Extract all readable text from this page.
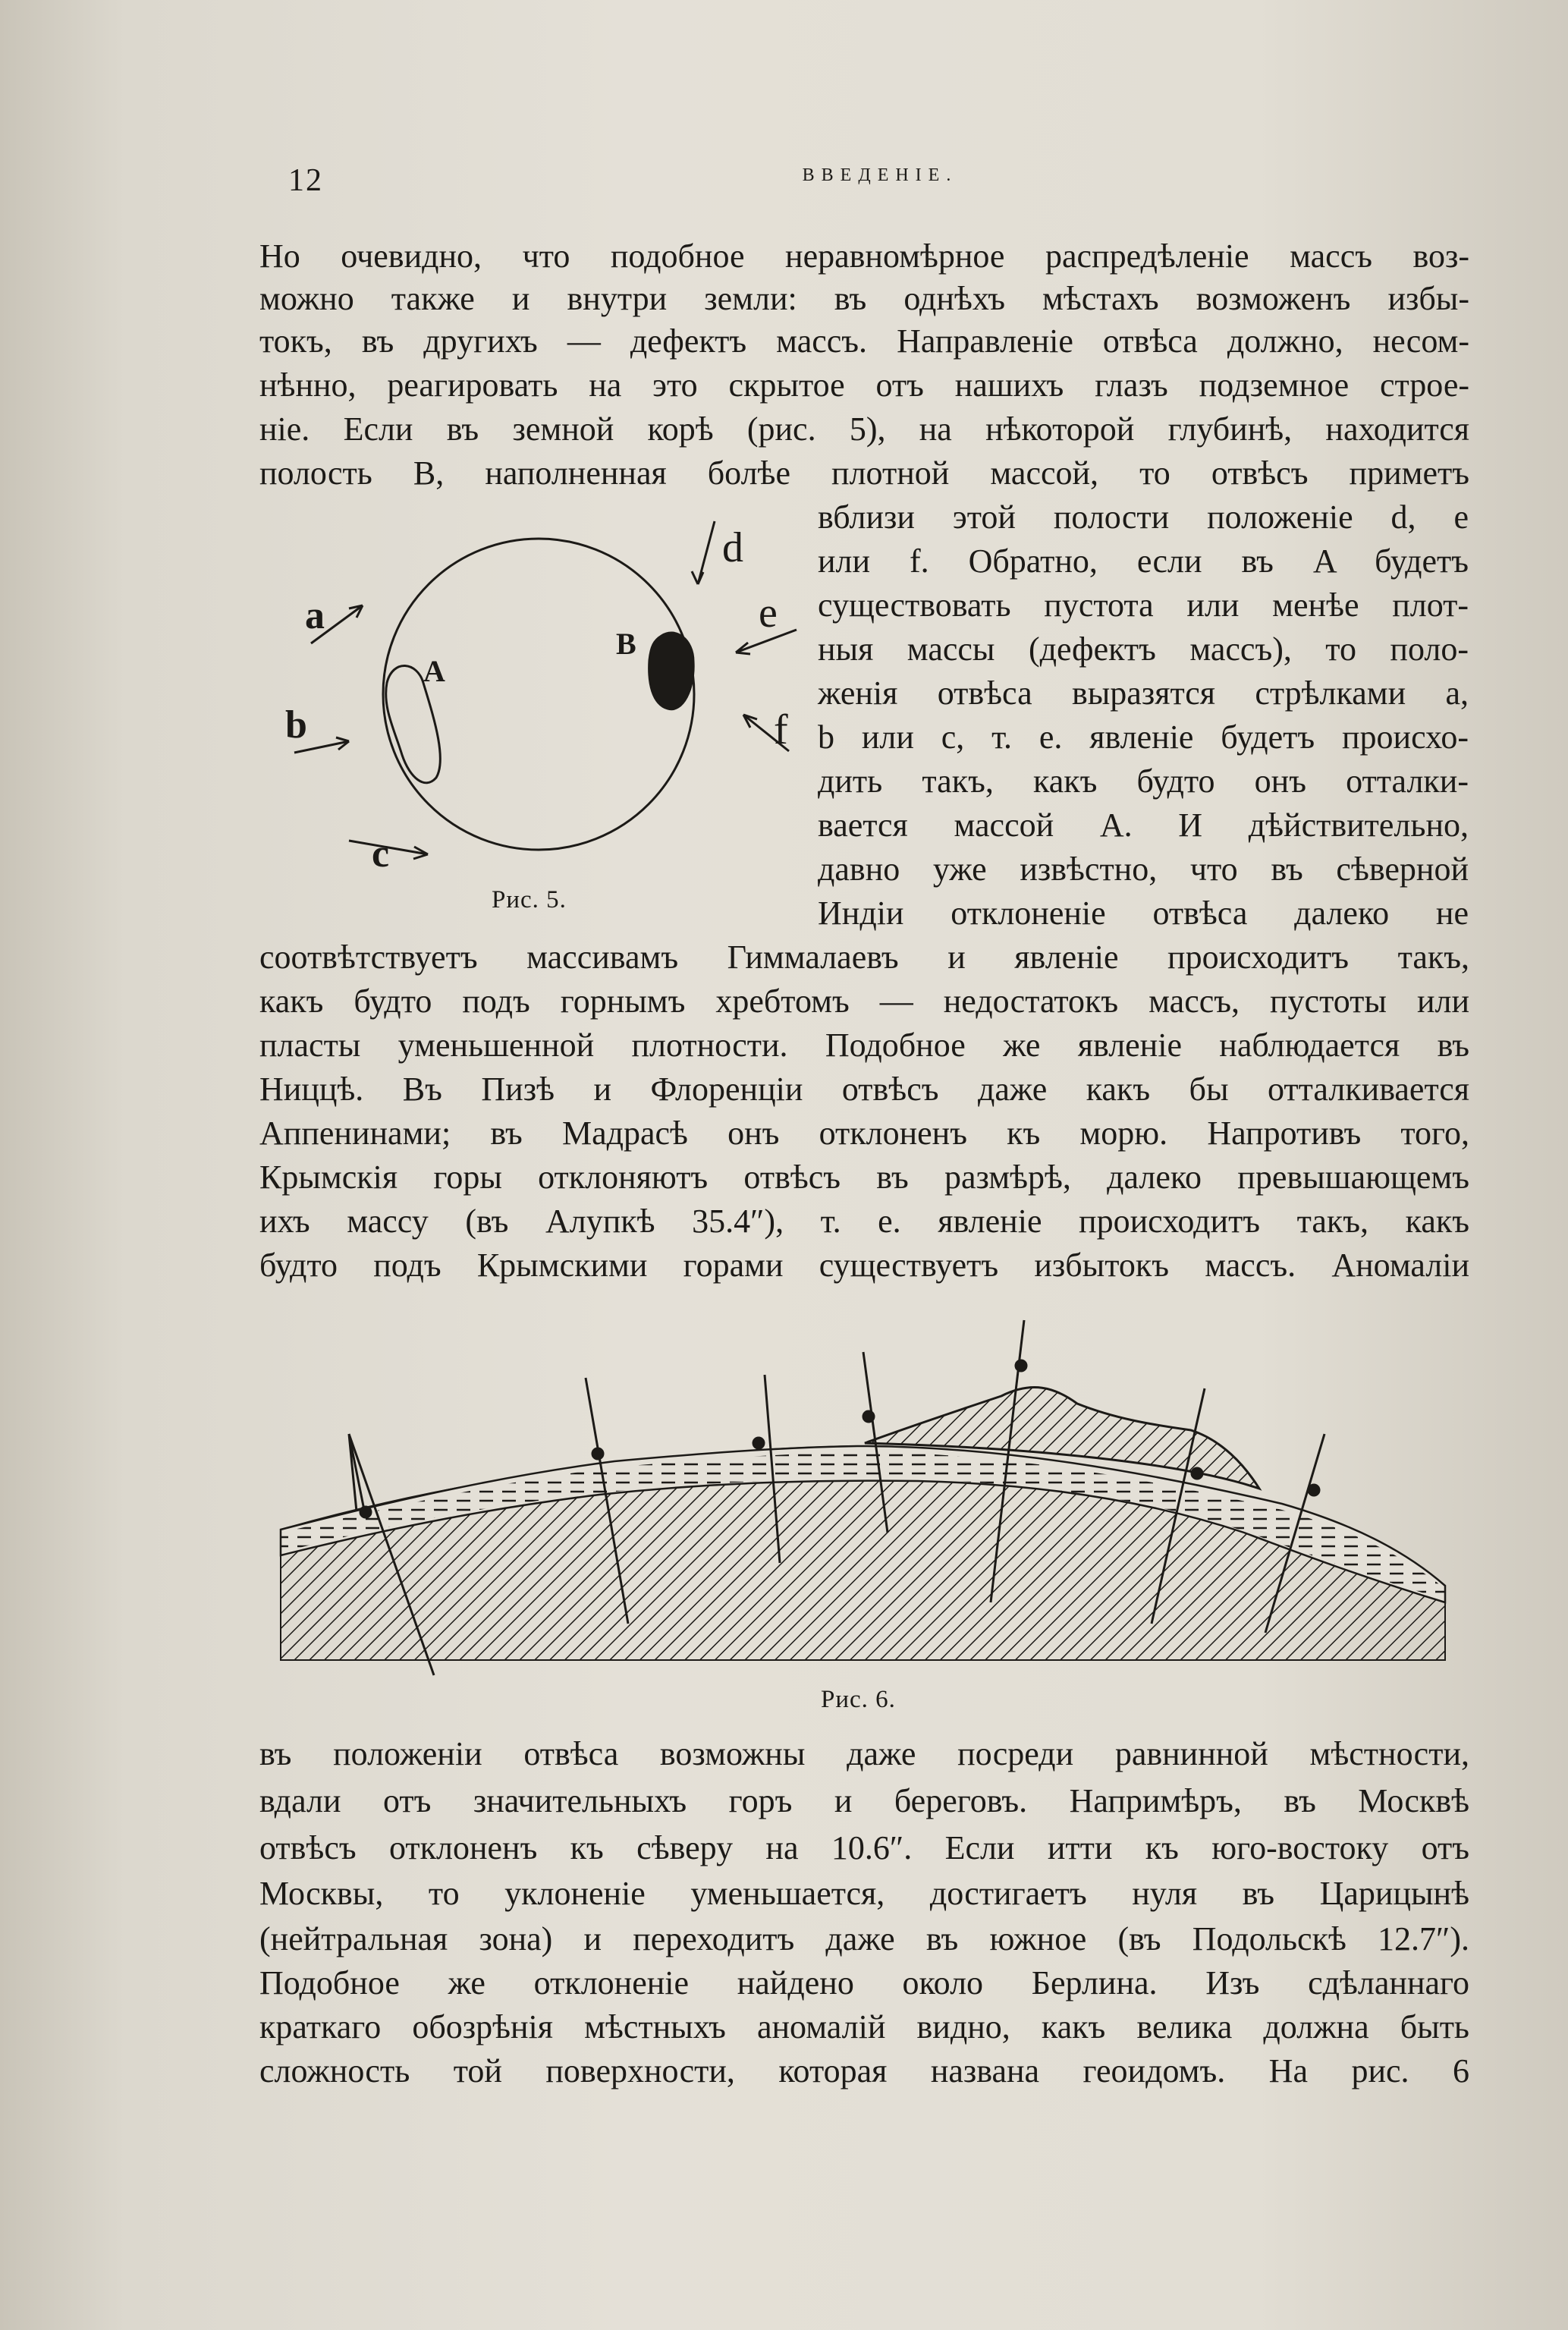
12	ВВЕДЕНІЕ.
Но очевидно, что подобное неравномѣрное распредѣленіе массъ воз-
можно также и внутри земли: въ однѣхъ мѣстахъ возможенъ избы-
токъ, въ другихъ — дефектъ массъ. Направленіе отвѣса должно, несом-
нѣнно, реагировать на это скрытое отъ нашихъ глазъ подземное строе-
ніе. Если въ земной корѣ (рис. 5), на нѣкоторой глубинѣ, находится
полость B, наполненная болѣе плотной массой, то отвѣсъ приметъ
a
b
c
d
e
f
A
B
Рис. 5.
вблизи этой полости положеніе d, e
или f. Обратно, если въ A будетъ
существовать пустота или менѣе плот-
ныя массы (дефектъ массъ), то поло-
женія отвѣса выразятся стрѣлками a,
b или c, т. е. явленіе будетъ происхо-
дить такъ, какъ будто онъ отталки-
вается массой A. И дѣйствительно,
давно уже извѣстно, что въ сѣверной
Индіи отклоненіе отвѣса далеко не
соотвѣтствуетъ массивамъ Гиммалаевъ и явленіе происходитъ такъ,
какъ будто подъ горнымъ хребтомъ — недостатокъ массъ, пустоты или
пласты уменьшенной плотности. Подобное же явленіе наблюдается въ
Ниццѣ. Въ Пизѣ и Флоренціи отвѣсъ даже какъ бы отталкивается
Аппенинами; въ Мадрасѣ онъ отклоненъ къ морю. Напротивъ того,
Крымскія горы отклоняютъ отвѣсъ въ размѣрѣ, далеко превышающемъ
ихъ массу (въ Алупкѣ 35.4″), т. е. явленіе происходитъ такъ, какъ
будто подъ Крымскими горами существуетъ избытокъ массъ. Аномаліи
Рис. 6.
въ положеніи отвѣса возможны даже посреди равнинной мѣстности,
вдали отъ значительныхъ горъ и береговъ. Напримѣръ, въ Москвѣ
отвѣсъ отклоненъ къ сѣверу на 10.6″. Если итти къ юго-востоку отъ
Москвы, то уклоненіе уменьшается, достигаетъ нуля въ Царицынѣ
(нейтральная зона) и переходитъ даже въ южное (въ Подольскѣ 12.7″).
Подобное же отклоненіе найдено около Берлина. Изъ сдѣланнаго
краткаго обозрѣнія мѣстныхъ аномалій видно, какъ велика должна быть
сложность той поверхности, которая названа геоидомъ. На рис. 6
